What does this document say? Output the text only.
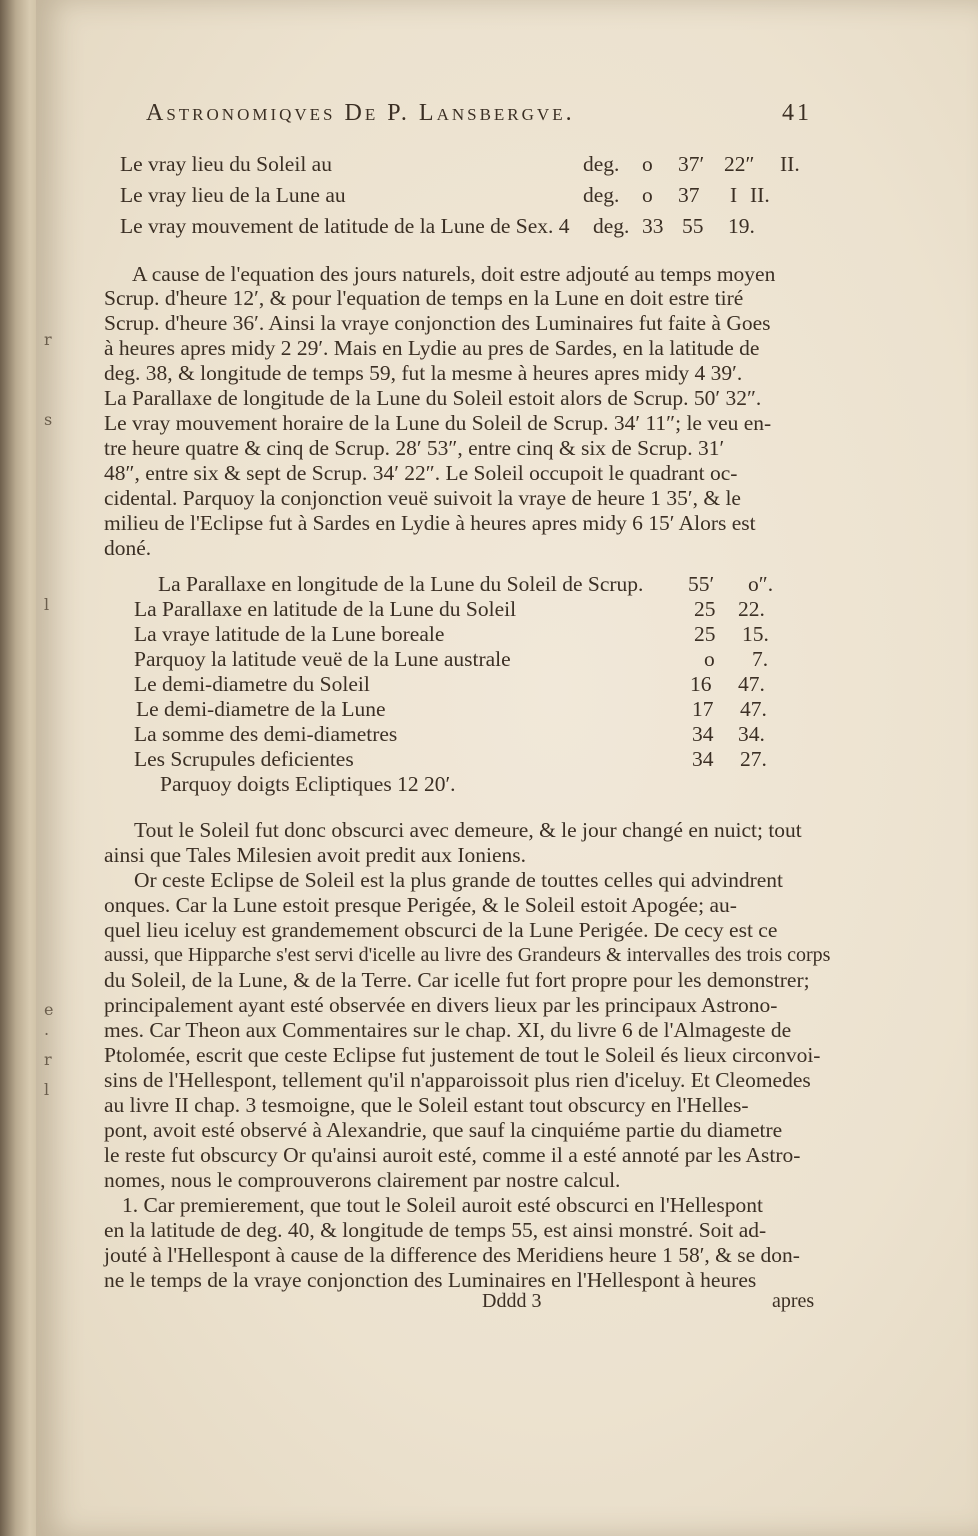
r
s
l
e
.
r
l
Astronomiqves De P. Lansbergve.	41
Le vray lieu du Soleil au	deg. o 37′ 22″ II.
Le vray lieu de la Lune au	deg. o 37 I II.
Le vray mouvement de latitude de la Lune de Sex. 4 deg. 33 55 19.
A cause de l'equation des jours naturels, doit estre adjouté au temps moyen
Scrup. d'heure 12′, & pour l'equation de temps en la Lune en doit estre tiré
Scrup. d'heure 36′. Ainsi la vraye conjonction des Luminaires fut faite à Goes
à heures apres midy 2 29′. Mais en Lydie au pres de Sardes, en la latitude de
deg. 38, & longitude de temps 59, fut la mesme à heures apres midy 4 39′.
La Parallaxe de longitude de la Lune du Soleil estoit alors de Scrup. 50′ 32″.
Le vray mouvement horaire de la Lune du Soleil de Scrup. 34′ 11″; le veu en-
tre heure quatre & cinq de Scrup. 28′ 53″, entre cinq & six de Scrup. 31′
48″, entre six & sept de Scrup. 34′ 22″. Le Soleil occupoit le quadrant oc-
cidental. Parquoy la conjonction veuë suivoit la vraye de heure 1 35′, & le
milieu de l'Eclipse fut à Sardes en Lydie à heures apres midy 6 15′ Alors est
doné.
La Parallaxe en longitude de la Lune du Soleil de Scrup. 55′ o″.
La Parallaxe en latitude de la Lune du Soleil	25 22.
La vraye latitude de la Lune boreale	25 15.
Parquoy la latitude veuë de la Lune australe	o 7.
Le demi-diametre du Soleil	16 47.
Le demi-diametre de la Lune	17 47.
La somme des demi-diametres	34 34.
Les Scrupules deficientes	34 27.
Parquoy doigts Ecliptiques 12 20′.
Tout le Soleil fut donc obscurci avec demeure, & le jour changé en nuict; tout
ainsi que Tales Milesien avoit predit aux Ioniens.
Or ceste Eclipse de Soleil est la plus grande de touttes celles qui advindrent
onques. Car la Lune estoit presque Perigée, & le Soleil estoit Apogée; au-
quel lieu iceluy est grandemement obscurci de la Lune Perigée. De cecy est ce
aussi, que Hipparche s'est servi d'icelle au livre des Grandeurs & intervalles des trois corps
du Soleil, de la Lune, & de la Terre. Car icelle fut fort propre pour les demonstrer;
principalement ayant esté observée en divers lieux par les principaux Astrono-
mes. Car Theon aux Commentaires sur le chap. XI, du livre 6 de l'Almageste de
Ptolomée, escrit que ceste Eclipse fut justement de tout le Soleil és lieux circonvoi-
sins de l'Hellespont, tellement qu'il n'apparoissoit plus rien d'iceluy. Et Cleomedes
au livre II chap. 3 tesmoigne, que le Soleil estant tout obscurcy en l'Helles-
pont, avoit esté observé à Alexandrie, que sauf la cinquiéme partie du diametre
le reste fut obscurcy Or qu'ainsi auroit esté, comme il a esté annoté par les Astro-
nomes, nous le comprouverons clairement par nostre calcul.
1. Car premierement, que tout le Soleil auroit esté obscurci en l'Hellespont
en la latitude de deg. 40, & longitude de temps 55, est ainsi monstré. Soit ad-
jouté à l'Hellespont à cause de la difference des Meridiens heure 1 58′, & se don-
ne le temps de la vraye conjonction des Luminaires en l'Hellespont à heures
Dddd 3	apres
